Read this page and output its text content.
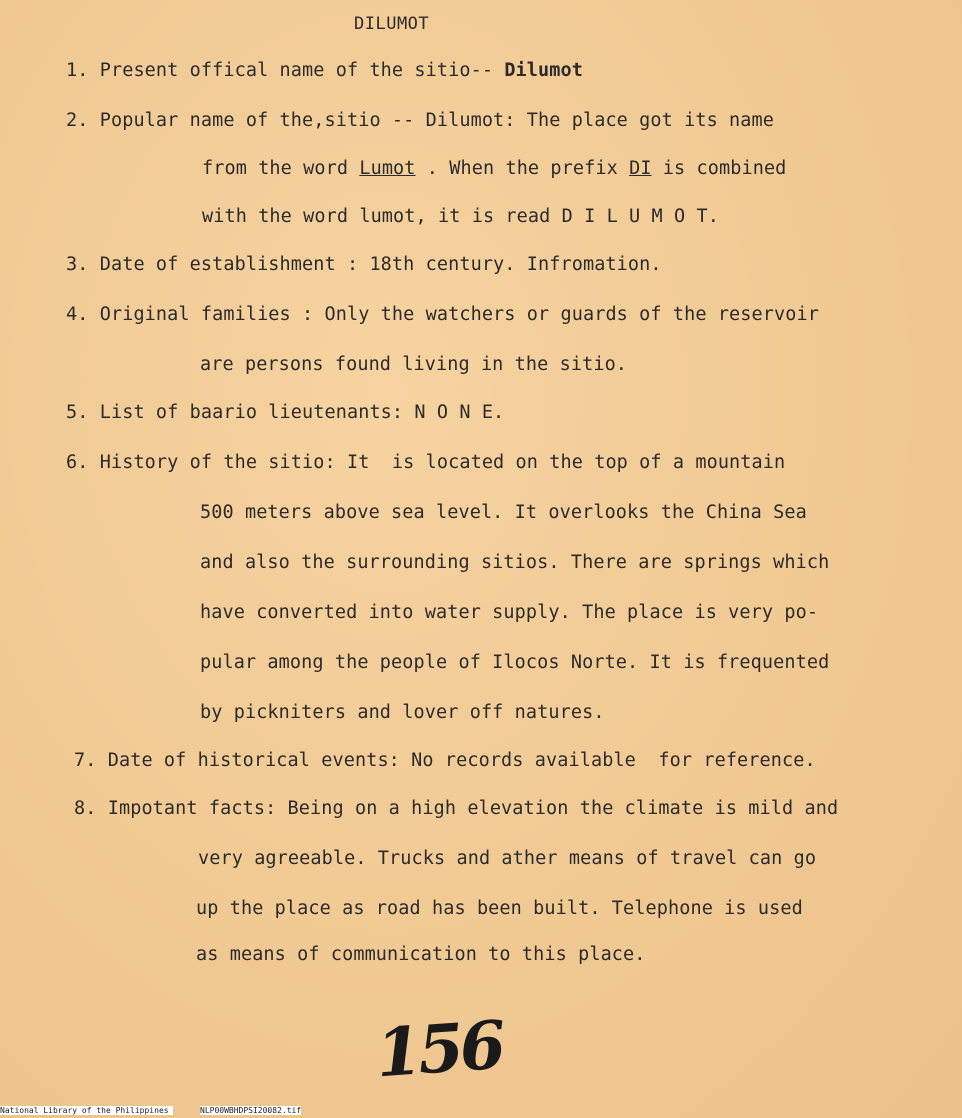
DILUMOT
1. Present offical name of the sitio-- Dilumot
2. Popular name of the,sitio -- Dilumot: The place got its name
from the word Lumot . When the prefix DI is combined
with the word lumot, it is read D I L U M O T.
3. Date of establishment : 18th century. Infromation.
4. Original families : Only the watchers or guards of the reservoir
are persons found living in the sitio.
5. List of baario lieutenants: N O N E.
6. History of the sitio: It  is located on the top of a mountain
500 meters above sea level. It overlooks the China Sea
and also the surrounding sitios. There are springs which
have converted into water supply. The place is very po-
pular among the people of Ilocos Norte. It is frequented
by pickniters and lover off natures.
7. Date of historical events: No records available  for reference.
8. Impotant facts: Being on a high elevation the climate is mild and
very agreeable. Trucks and ather means of travel can go
up the place as road has been built. Telephone is used
as means of communication to this place.
156
National Library of the Philippines	NLP00WBHDPSI20082.tif
